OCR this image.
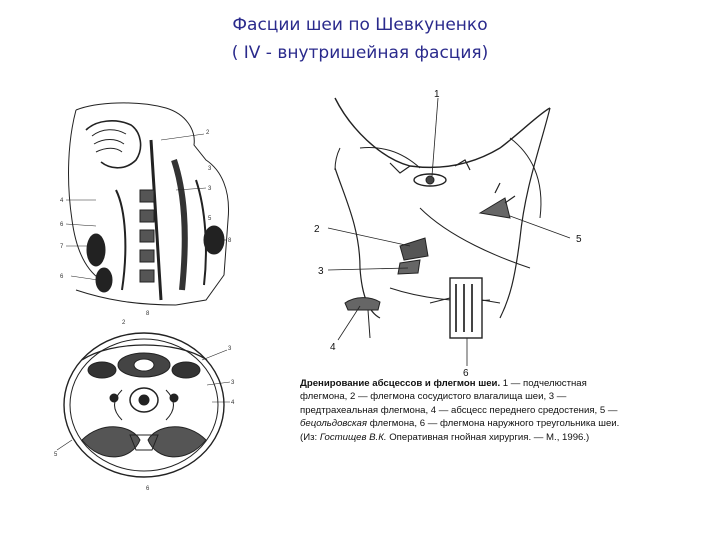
Фасции шеи по Шевкуненко
( IV - внутришейная фасция)
2
3
3
4
5
6
7
8
6
8
2
3
3
4
5
6
1
2
3
4
5
6
Дренирование абсцессов и флегмон шеи. 1 — подчелюстная флегмона, 2 — флегмона сосудистого влагалища шеи, 3 — предтрахеальная флегмона, 4 — абсцесс переднего средостения, 5 — бецольдовская флегмона, 6 — флегмона наружного треугольника шеи. (Из: Гостищев В.К. Оперативная гнойная хирургия. — М., 1996.)
